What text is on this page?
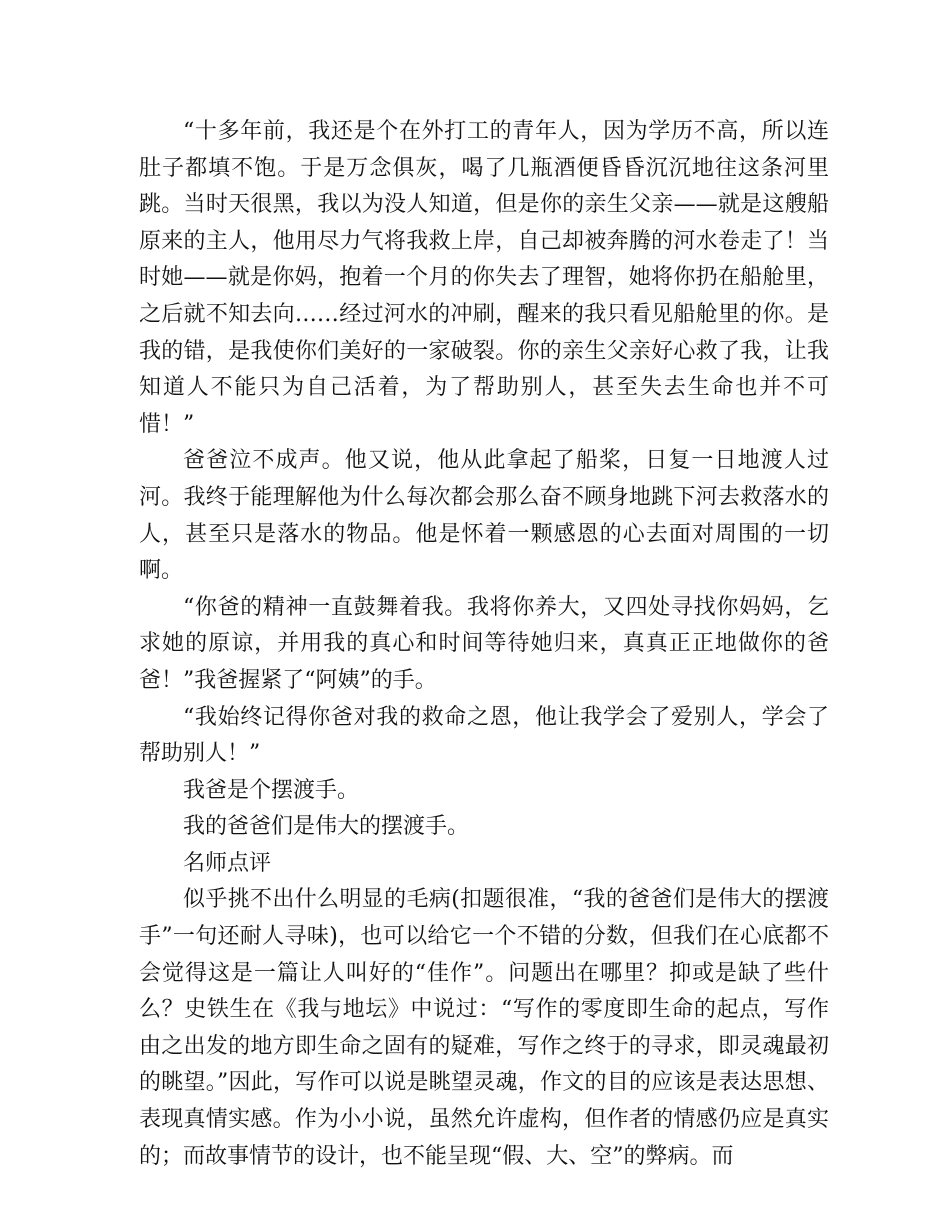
“十多年前，我还是个在外打工的青年人，因为学历不高，所以连肚子都填不饱。于是万念俱灰，喝了几瓶酒便昏昏沉沉地往这条河里跳。当时天很黑，我以为没人知道，但是你的亲生父亲——就是这艘船原来的主人，他用尽力气将我救上岸，自己却被奔腾的河水卷走了！当时她——就是你妈，抱着一个月的你失去了理智，她将你扔在船舱里，之后就不知去向……经过河水的冲刷，醒来的我只看见船舱里的你。是我的错，是我使你们美好的一家破裂。你的亲生父亲好心救了我，让我知道人不能只为自己活着，为了帮助别人，甚至失去生命也并不可惜！”

爸爸泣不成声。他又说，他从此拿起了船桨，日复一日地渡人过河。我终于能理解他为什么每次都会那么奋不顾身地跳下河去救落水的人，甚至只是落水的物品。他是怀着一颗感恩的心去面对周围的一切啊。

“你爸的精神一直鼓舞着我。我将你养大，又四处寻找你妈妈，乞求她的原谅，并用我的真心和时间等待她归来，真真正正地做你的爸爸！”我爸握紧了“阿姨”的手。

“我始终记得你爸对我的救命之恩，他让我学会了爱别人，学会了帮助别人！”

我爸是个摆渡手。

我的爸爸们是伟大的摆渡手。

名师点评

似乎挑不出什么明显的毛病(扣题很准，“我的爸爸们是伟大的摆渡手”一句还耐人寻味)，也可以给它一个不错的分数，但我们在心底都不会觉得这是一篇让人叫好的“佳作”。问题出在哪里？抑或是缺了些什么？史铁生在《我与地坛》中说过：“写作的零度即生命的起点，写作由之出发的地方即生命之固有的疑难，写作之终于的寻求，即灵魂最初的眺望。”因此，写作可以说是眺望灵魂，作文的目的应该是表达思想、表现真情实感。作为小小说，虽然允许虚构，但作者的情感仍应是真实的；而故事情节的设计，也不能呈现“假、大、空”的弊病。而
